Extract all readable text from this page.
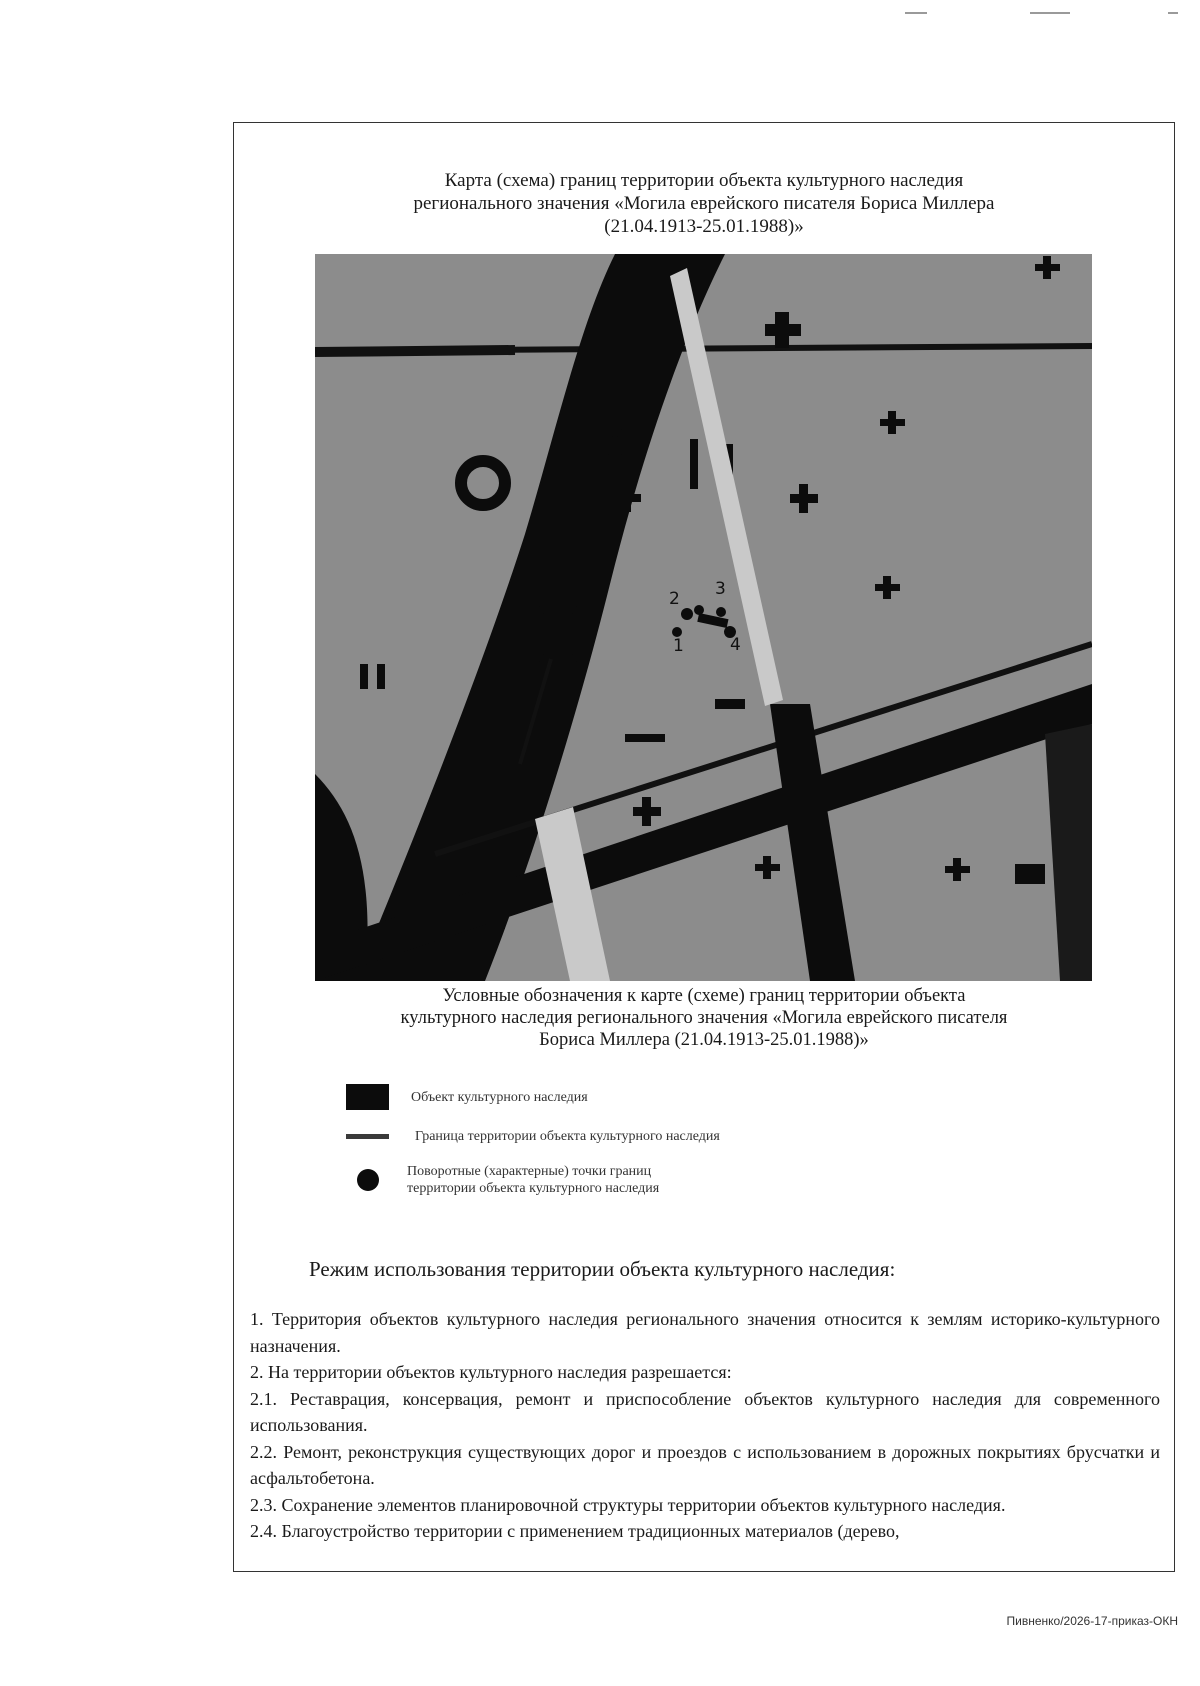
Карта (схема) границ территории объекта культурного наследия
регионального значения «Могила еврейского писателя Бориса Миллера
(21.04.1913-25.01.1988)»
2 3
4
1
Условные обозначения к карте (схеме) границ территории объекта
культурного наследия регионального значения «Могила еврейского писателя
Бориса Миллера (21.04.1913-25.01.1988)»
Объект культурного наследия
Граница территории объекта культурного наследия
Поворотные (характерные) точки границ
территории объекта культурного наследия
Режим использования территории объекта культурного наследия:
1. Территория объектов культурного наследия регионального значения относится к землям историко-культурного назначения.
2. На территории объектов культурного наследия разрешается:
2.1. Реставрация, консервация, ремонт и приспособление объектов культурного наследия для современного использования.
2.2. Ремонт, реконструкция существующих дорог и проездов с использованием в дорожных покрытиях брусчатки и асфальтобетона.
2.3. Сохранение элементов планировочной структуры территории объектов культурного наследия.
2.4. Благоустройство территории с применением традиционных материалов (дерево,
Пивненко/2026-17-приказ-ОКН
